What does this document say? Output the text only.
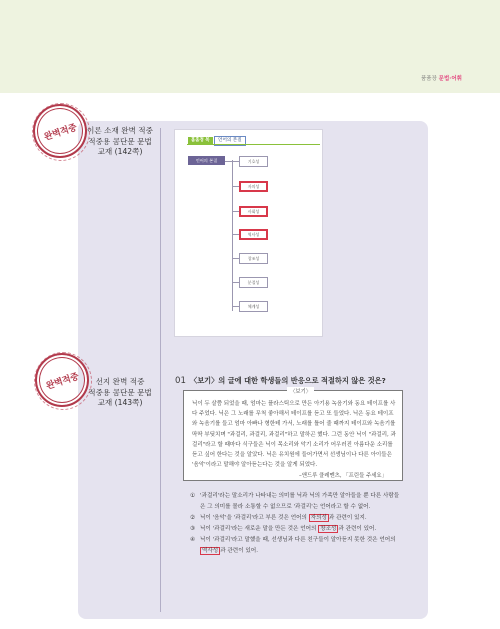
품품장 문법·어휘
완벽적중	이론 소재 완벽 적중
적중용 콤단문 문법
교재 (142쪽)
완벽적중	선지 완벽 적중
적중용 콤단문 문법
교재 (143쪽)
홈홈정 복	언어의 본질
언어의 본질	기호성
자의성
사회성
역사성
창조성
분절성
체계성
01 〈보기〉의 글에 대한 학생들의 반응으로 적절하지 않은 것은?
〈보기〉
닉이 두 살쯤 되었을 때, 엄마는 플라스틱으로 만든 아기용 녹음기와 동요 테이프를 사다 주었다. 닉은 그 노래를 무척 좋아해서 테이프를 듣고 또 들었다. 닉은 동요 테이프와 녹음기를 들고 엄마 아빠나 형한테 가서, 노래를 틀어 줄 때까지 테이프와 녹음기를 딱딱 부딪치며 "과걸리, 과걸리, 과걸리"하고 말하곤 했다. 그런 동안 닉이 "과걸리, 과걸리"라고 할 때마다 식구들은 닉이 목소리와 악기 소리가 어우러진 아름다운 소리를 듣고 싶어 한다는 것을 알았다. 닉은 유치원에 들어가면서 선생님이나 다른 아이들은 '음악'이라고 말해야 알아듣는다는 것을 알게 되었다.
–앤드루 클레멘츠, 「프린들 주세요」
① '과걸리'라는 말소리가 나타내는 의미를 닉과 닉의 가족만 알아들을 뿐 다른 사람들은 그 의미를 몰라 소통할 수 없으므로 '과걸리'는 언어라고 할 수 없어.
② 닉이 '음악'을 '과걸리'라고 부른 것은 언어의 자의성 과 관련이 있지.
③ 닉이 '과걸리'라는 새로운 말을 만든 것은 언어의 창조성 과 관련이 있어.
④ 닉이 '과걸리'라고 말했을 때, 선생님과 다른 친구들이 알아듣지 못한 것은 언어의 역사성 과 관련이 있어.
